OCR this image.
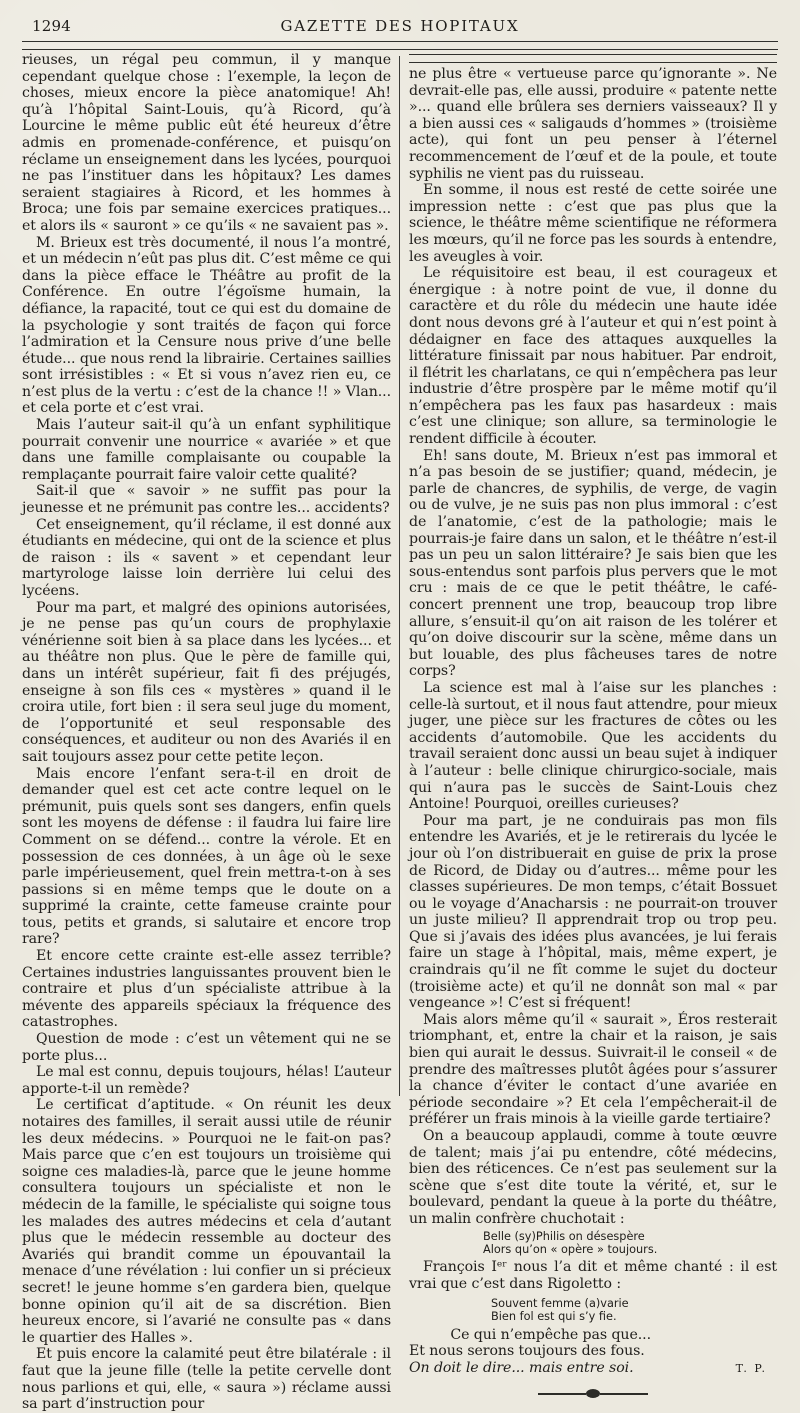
1294	GAZETTE DES HOPITAUX

rieuses, un régal peu commun, il y manque cependant quelque chose : l’exemple, la leçon de choses, mieux encore la pièce anatomique! Ah! qu’à l’hôpital Saint-Louis, qu’à Ricord, qu’à Lourcine le même public eût été heureux d’être admis en promenade-conférence, et puisqu’on réclame un enseignement dans les lycées, pourquoi ne pas l’instituer dans les hôpitaux? Les dames seraient stagiaires à Ricord, et les hommes à Broca; une fois par semaine exercices pratiques... et alors ils « sauront » ce qu’ils « ne savaient pas ».

M. Brieux est très documenté, il nous l’a montré, et un médecin n’eût pas plus dit. C’est même ce qui dans la pièce efface le Théâtre au profit de la Conférence. En outre l’égoïsme humain, la défiance, la rapacité, tout ce qui est du domaine de la psychologie y sont traités de façon qui force l’admiration et la Censure nous prive d’une belle étude... que nous rend la librairie. Certaines saillies sont irrésistibles : « Et si vous n’avez rien eu, ce n’est plus de la vertu : c’est de la chance !! » Vlan... et cela porte et c’est vrai.

Mais l’auteur sait-il qu’à un enfant syphilitique pourrait convenir une nourrice « avariée » et que dans une famille complaisante ou coupable la remplaçante pourrait faire valoir cette qualité?

Sait-il que « savoir » ne suffit pas pour la jeunesse et ne prémunit pas contre les... accidents?

Cet enseignement, qu’il réclame, il est donné aux étudiants en médecine, qui ont de la science et plus de raison : ils « savent » et cependant leur martyrologe laisse loin derrière lui celui des lycéens.

Pour ma part, et malgré des opinions autorisées, je ne pense pas qu’un cours de prophylaxie vénérienne soit bien à sa place dans les lycées... et au théâtre non plus. Que le père de famille qui, dans un intérêt supérieur, fait fi des préjugés, enseigne à son fils ces « mystères » quand il le croira utile, fort bien : il sera seul juge du moment, de l’opportunité et seul responsable des conséquences, et auditeur ou non des Avariés il en sait toujours assez pour cette petite leçon.

Mais encore l’enfant sera-t-il en droit de demander quel est cet acte contre lequel on le prémunit, puis quels sont ses dangers, enfin quels sont les moyens de défense : il faudra lui faire lire Comment on se défend... contre la vérole. Et en possession de ces données, à un âge où le sexe parle impérieusement, quel frein mettra-t-on à ses passions si en même temps que le doute on a supprimé la crainte, cette fameuse crainte pour tous, petits et grands, si salutaire et encore trop rare?

Et encore cette crainte est-elle assez terrible? Certaines industries languissantes prouvent bien le contraire et plus d’un spécialiste attribue à la mévente des appareils spéciaux la fréquence des catastrophes.

Question de mode : c’est un vêtement qui ne se porte plus...

Le mal est connu, depuis toujours, hélas! L’auteur apporte-t-il un remède?

Le certificat d’aptitude. « On réunit les deux notaires des familles, il serait aussi utile de réunir les deux médecins. » Pourquoi ne le fait-on pas? Mais parce que c’en est toujours un troisième qui soigne ces maladies-là, parce que le jeune homme consultera toujours un spécialiste et non le médecin de la famille, le spécialiste qui soigne tous les malades des autres médecins et cela d’autant plus que le médecin ressemble au docteur des Avariés qui brandit comme un épouvantail la menace d’une révélation : lui confier un si précieux secret! le jeune homme s’en gardera bien, quelque bonne opinion qu’il ait de sa discrétion. Bien heureux encore, si l’avarié ne consulte pas « dans le quartier des Halles ».

Et puis encore la calamité peut être bilatérale : il faut que la jeune fille (telle la petite cervelle dont nous parlions et qui, elle, « saura ») réclame aussi sa part d’instruction pour

ne plus être « vertueuse parce qu’ignorante ». Ne devrait-elle pas, elle aussi, produire « patente nette »... quand elle brûlera ses derniers vaisseaux? Il y a bien aussi ces « saligauds d’hommes » (troisième acte), qui font un peu penser à l’éternel recommencement de l’œuf et de la poule, et toute syphilis ne vient pas du ruisseau.

En somme, il nous est resté de cette soirée une impression nette : c’est que pas plus que la science, le théâtre même scientifique ne réformera les mœurs, qu’il ne force pas les sourds à entendre, les aveugles à voir.

Le réquisitoire est beau, il est courageux et énergique : à notre point de vue, il donne du caractère et du rôle du médecin une haute idée dont nous devons gré à l’auteur et qui n’est point à dédaigner en face des attaques auxquelles la littérature finissait par nous habituer. Par endroit, il flétrit les charlatans, ce qui n’empêchera pas leur industrie d’être prospère par le même motif qu’il n’empêchera pas les faux pas hasardeux : mais c’est une clinique; son allure, sa terminologie le rendent difficile à écouter.

Eh! sans doute, M. Brieux n’est pas immoral et n’a pas besoin de se justifier; quand, médecin, je parle de chancres, de syphilis, de verge, de vagin ou de vulve, je ne suis pas non plus immoral : c’est de l’anatomie, c’est de la pathologie; mais le pourrais-je faire dans un salon, et le théâtre n’est-il pas un peu un salon littéraire? Je sais bien que les sous-entendus sont parfois plus pervers que le mot cru : mais de ce que le petit théâtre, le café-concert prennent une trop, beaucoup trop libre allure, s’ensuit-il qu’on ait raison de les tolérer et qu’on doive discourir sur la scène, même dans un but louable, des plus fâcheuses tares de notre corps?

La science est mal à l’aise sur les planches : celle-là surtout, et il nous faut attendre, pour mieux juger, une pièce sur les fractures de côtes ou les accidents d’automobile. Que les accidents du travail seraient donc aussi un beau sujet à indiquer à l’auteur : belle clinique chirurgico-sociale, mais qui n’aura pas le succès de Saint-Louis chez Antoine! Pourquoi, oreilles curieuses?

Pour ma part, je ne conduirais pas mon fils entendre les Avariés, et je le retirerais du lycée le jour où l’on distribuerait en guise de prix la prose de Ricord, de Diday ou d’autres... même pour les classes supérieures. De mon temps, c’était Bossuet ou le voyage d’Anacharsis : ne pourrait-on trouver un juste milieu? Il apprendrait trop ou trop peu. Que si j’avais des idées plus avancées, je lui ferais faire un stage à l’hôpital, mais, même expert, je craindrais qu’il ne fît comme le sujet du docteur (troisième acte) et qu’il ne donnât son mal « par vengeance »! C’est si fréquent!

Mais alors même qu’il « saurait », Éros resterait triomphant, et, entre la chair et la raison, je sais bien qui aurait le dessus. Suivrait-il le conseil « de prendre des maîtresses plutôt âgées pour s’assurer la chance d’éviter le contact d’une avariée en période secondaire »? Et cela l’empêcherait-il de préférer un frais minois à la vieille garde tertiaire?

On a beaucoup applaudi, comme à toute œuvre de talent; mais j’ai pu entendre, côté médecins, bien des réticences. Ce n’est pas seulement sur la scène que s’est dite toute la vérité, et, sur le boulevard, pendant la queue à la porte du théâtre, un malin confrère chuchotait :

Belle (sy)Philis on désespère
Alors qu’on « opère » toujours.

François Iᵉʳ nous l’a dit et même chanté : il est vrai que c’est dans Rigoletto :

Souvent femme (a)varie
Bien fol est qui s’y fie.

Ce qui n’empêche pas que...

Et nous serons toujours des fous.

On doit le dire... mais entre soi.	T. P.
